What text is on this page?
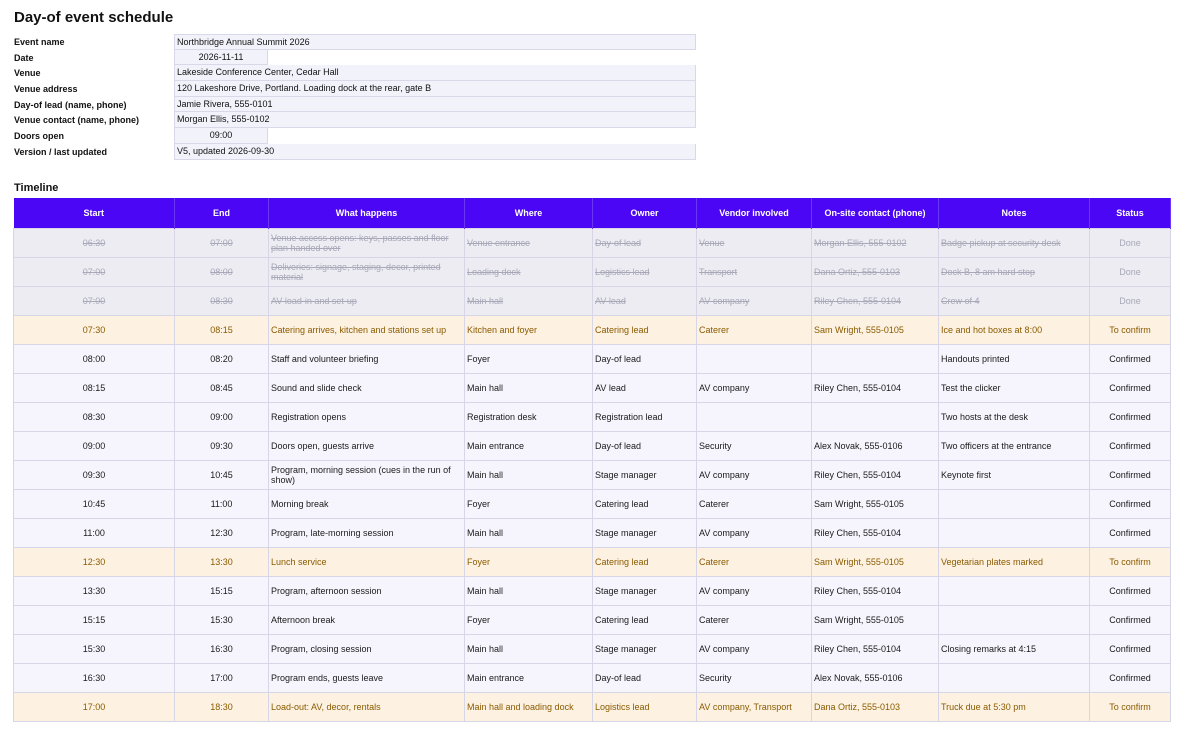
Day-of event schedule
Event name	Northbridge Annual Summit 2026
Date	2026-11-11
Venue	Lakeside Conference Center, Cedar Hall
Venue address	120 Lakeshore Drive, Portland. Loading dock at the rear, gate B
Day-of lead (name, phone)	Jamie Rivera, 555-0101
Venue contact (name, phone)	Morgan Ellis, 555-0102
Doors open	09:00
Version / last updated	V5, updated 2026-09-30
Timeline
Start	End	What happens	Where	Owner	Vendor involved	On-site contact (phone)	Notes	Status
06:30	07:00	Venue access opens: keys, passes and floor plan handed over	Venue entrance	Day-of lead	Venue	Morgan Ellis, 555-0102	Badge pickup at security desk	Done
07:00	08:00	Deliveries: signage, staging, decor, printed material	Loading dock	Logistics lead	Transport	Dana Ortiz, 555-0103	Dock B, 8 am hard stop	Done
07:00	08:30	AV load-in and set-up	Main hall	AV lead	AV company	Riley Chen, 555-0104	Crew of 4	Done
07:30	08:15	Catering arrives, kitchen and stations set up	Kitchen and foyer	Catering lead	Caterer	Sam Wright, 555-0105	Ice and hot boxes at 8:00	To confirm
08:00	08:20	Staff and volunteer briefing	Foyer	Day-of lead			Handouts printed	Confirmed
08:15	08:45	Sound and slide check	Main hall	AV lead	AV company	Riley Chen, 555-0104	Test the clicker	Confirmed
08:30	09:00	Registration opens	Registration desk	Registration lead			Two hosts at the desk	Confirmed
09:00	09:30	Doors open, guests arrive	Main entrance	Day-of lead	Security	Alex Novak, 555-0106	Two officers at the entrance	Confirmed
09:30	10:45	Program, morning session (cues in the run of show)	Main hall	Stage manager	AV company	Riley Chen, 555-0104	Keynote first	Confirmed
10:45	11:00	Morning break	Foyer	Catering lead	Caterer	Sam Wright, 555-0105		Confirmed
11:00	12:30	Program, late-morning session	Main hall	Stage manager	AV company	Riley Chen, 555-0104		Confirmed
12:30	13:30	Lunch service	Foyer	Catering lead	Caterer	Sam Wright, 555-0105	Vegetarian plates marked	To confirm
13:30	15:15	Program, afternoon session	Main hall	Stage manager	AV company	Riley Chen, 555-0104		Confirmed
15:15	15:30	Afternoon break	Foyer	Catering lead	Caterer	Sam Wright, 555-0105		Confirmed
15:30	16:30	Program, closing session	Main hall	Stage manager	AV company	Riley Chen, 555-0104	Closing remarks at 4:15	Confirmed
16:30	17:00	Program ends, guests leave	Main entrance	Day-of lead	Security	Alex Novak, 555-0106		Confirmed
17:00	18:30	Load-out: AV, decor, rentals	Main hall and loading dock	Logistics lead	AV company, Transport	Dana Ortiz, 555-0103	Truck due at 5:30 pm	To confirm
